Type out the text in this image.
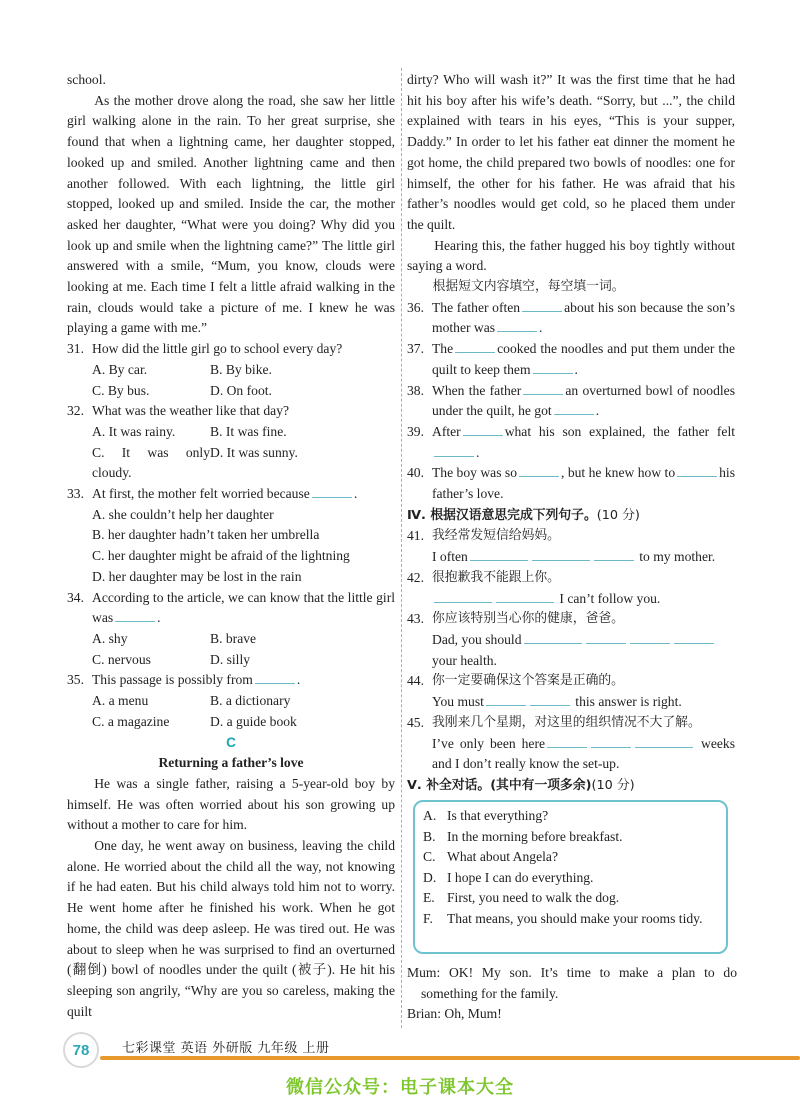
school.

As the mother drove along the road, she saw her little girl walking alone in the rain. To her great surprise, she found that when a lightning came, her daughter stopped, looked up and smiled. Another lightning came and then another followed. With each lightning, the little girl stopped, looked up and smiled. Inside the car, the mother asked her daughter, “What were you doing? Why did you look up and smile when the lightning came?” The little girl answered with a smile, “Mum, you know, clouds were looking at me. Each time I felt a little afraid walking in the rain, clouds would take a picture of me. I knew he was playing a game with me.”

31. How did the little girl go to school every day?
A. By car.	B. By bike.
C. By bus.	D. On foot.
32. What was the weather like that day?
A. It was rainy.	B. It was fine.
C. It was only cloudy.
D. It was sunny.
33. At first, the mother felt worried because	.

A. she couldn’t help her daughter

B. her daughter hadn’t taken her umbrella

C. her daughter might be afraid of the lightning

D. her daughter may be lost in the rain

34. According to the article, we can know that the little girl was	.
A. shy	B. brave
C. nervous	D. silly
35. This passage is possibly from	.
A. a menu	B. a dictionary
C. a magazine	D. a guide book

C

Returning a father’s love

He was a single father, raising a 5-year-old boy by himself. He was often worried about his son growing up without a mother to care for him.

One day, he went away on business, leaving the child alone. He worried about the child all the way, not knowing if he had eaten. But his child always told him not to worry. He went home after he finished his work. When he got home, the child was deep asleep. He was tired out. He was about to sleep when he was surprised to find an overturned (翻倒) bowl of noodles under the quilt (被子). He hit his sleeping son angrily, “Why are you so careless, making the quilt

dirty? Who will wash it?” It was the first time that he had hit his boy after his wife’s death. “Sorry, but ...”, the child explained with tears in his eyes, “This is your supper, Daddy.” In order to let his father eat dinner the moment he got home, the child prepared two bowls of noodles: one for himself, the other for his father. He was afraid that his father’s noodles would get cold, so he placed them under the quilt.

Hearing this, the father hugged his boy tightly without saying a word.

根据短文内容填空，每空填一词。

36. The father often	about his son because the son’s mother was	.
37. The	cooked the noodles and put them under the quilt to keep them	.
38. When the father	an overturned bowl of noodles under the quilt, he got	.
39. After	what his son explained, the father felt.
40. The boy was so	, but he knew how to	his father’s love.

Ⅳ. 根据汉语意思完成下列句子。(10 分)

41. 我经常发短信给妈妈。

I often	to my mother.

42. 很抱歉我不能跟上你。

I can’t follow you.

43. 你应该特别当心你的健康，爸爸。

Dad, you should

your health.

44. 你一定要确保这个答案是正确的。

You must	this answer is right.

45. 我刚来几个星期，对这里的组织情况不大了解。

I’ve only been here	weeks and I don’t really know the set-up.

Ⅴ. 补全对话。(其中有一项多余)(10 分)

A. Is that everything?
B. In the morning before breakfast.
C. What about Angela?
D. I hope I can do everything.
E. First, you need to walk the dog.
F.	That means, you should make your rooms tidy.

Mum: OK! My son. It’s time to make a plan to do something for the family.

Brian: Oh, Mum!

78	七彩课堂 英语 外研版 九年级 上册
微信公众号：电子课本大全
